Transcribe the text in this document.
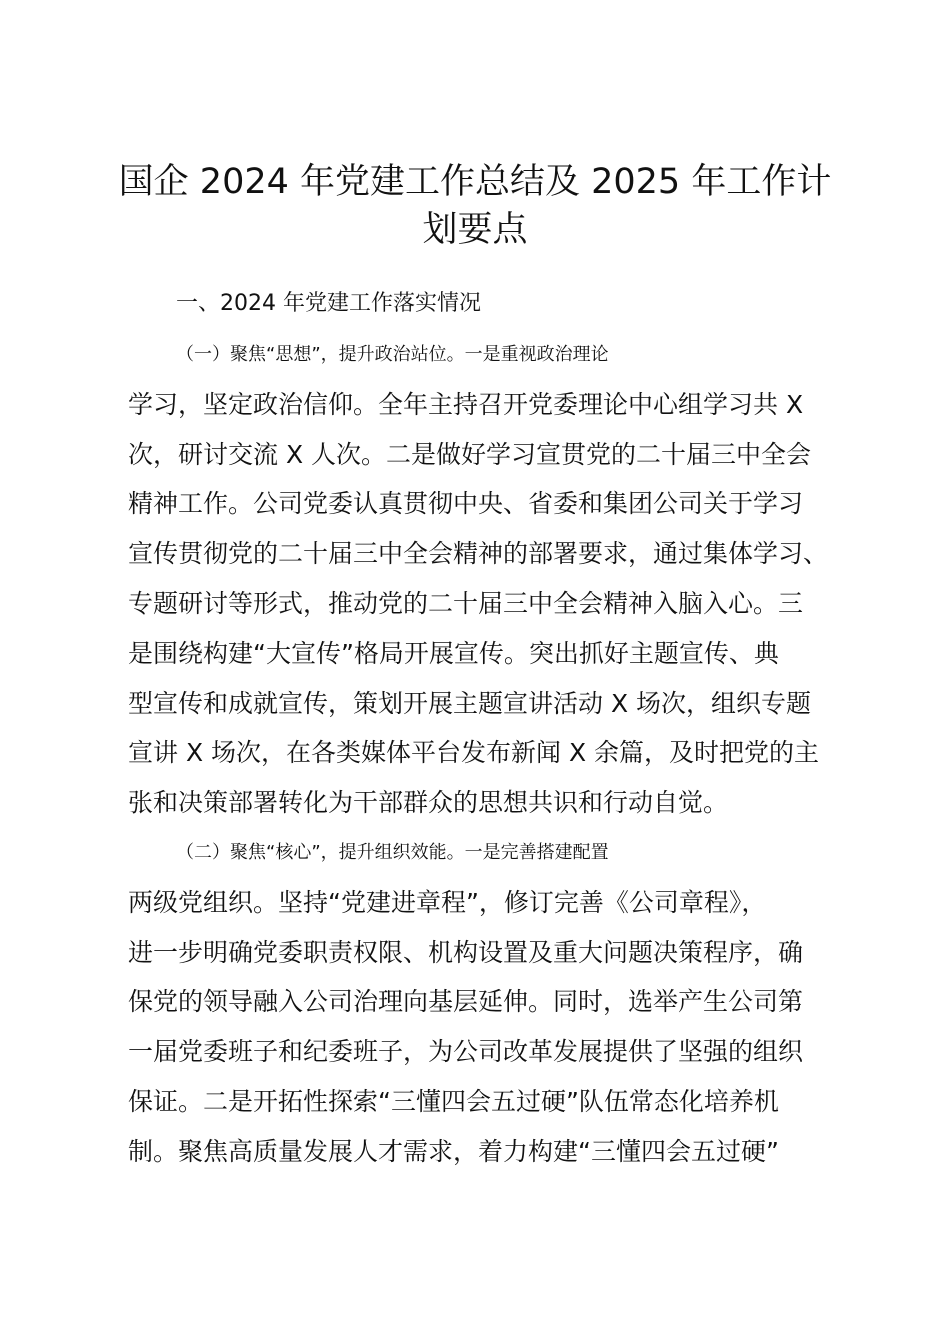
国企 2024 年党建工作总结及 2025 年工作计
划要点

一、2024 年党建工作落实情况

（一）聚焦“思想”，提升政治站位。一是重视政治理论
学习，坚定政治信仰。全年主持召开党委理论中心组学习共 X
次，研讨交流 X 人次。二是做好学习宣贯党的二十届三中全会
精神工作。公司党委认真贯彻中央、省委和集团公司关于学习
宣传贯彻党的二十届三中全会精神的部署要求，通过集体学习、
专题研讨等形式，推动党的二十届三中全会精神入脑入心。三
是围绕构建“大宣传”格局开展宣传。突出抓好主题宣传、典
型宣传和成就宣传，策划开展主题宣讲活动 X 场次，组织专题
宣讲 X 场次，在各类媒体平台发布新闻 X 余篇，及时把党的主
张和决策部署转化为干部群众的思想共识和行动自觉。
（二）聚焦“核心”，提升组织效能。一是完善搭建配置
两级党组织。坚持“党建进章程”，修订完善《公司章程》，
进一步明确党委职责权限、机构设置及重大问题决策程序，确
保党的领导融入公司治理向基层延伸。同时，选举产生公司第
一届党委班子和纪委班子，为公司改革发展提供了坚强的组织
保证。二是开拓性探索“三懂四会五过硬”队伍常态化培养机
制。聚焦高质量发展人才需求，着力构建“三懂四会五过硬”
